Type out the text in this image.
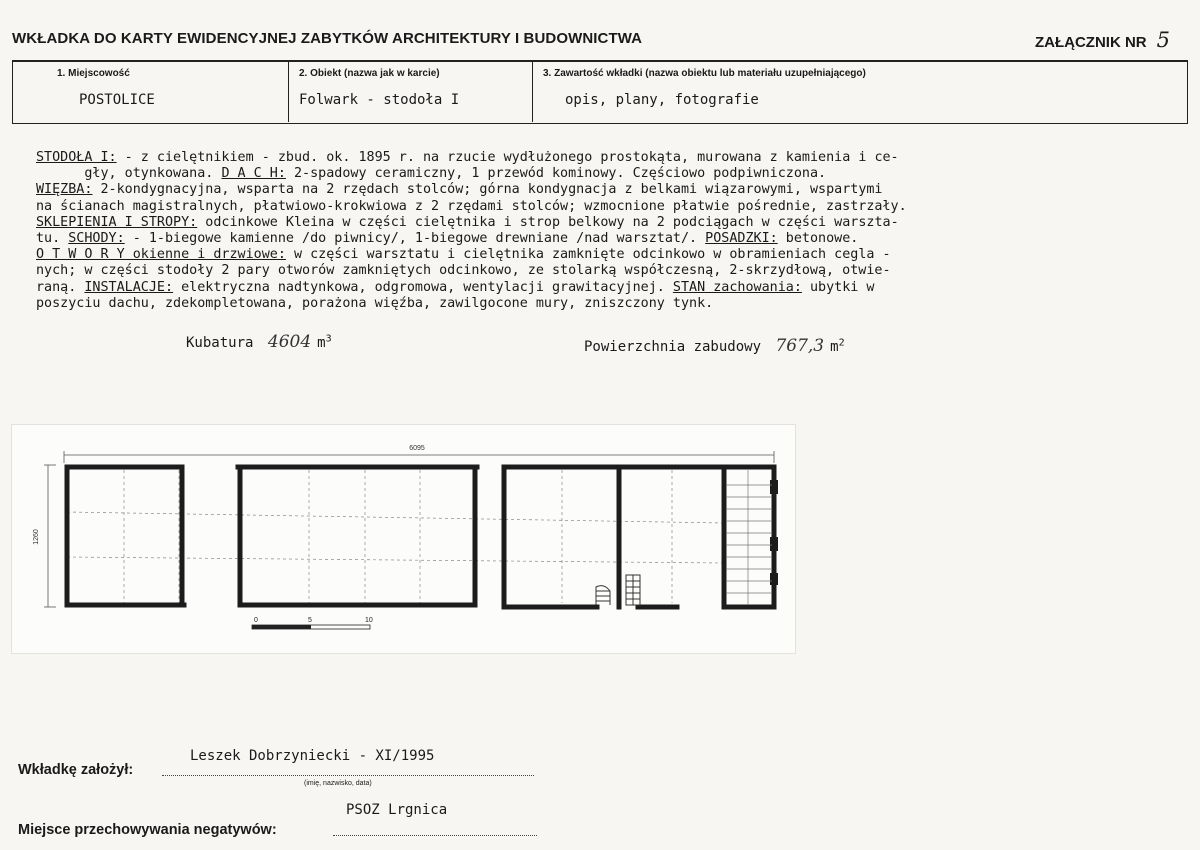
WKŁADKA DO KARTY EWIDENCYJNEJ ZABYTKÓW ARCHITEKTURY I BUDOWNICTWA	ZAŁĄCZNIK NR 5
1. Miejscowość
POSTOLICE
2. Obiekt (nazwa jak w karcie)
Folwark - stodoła I
3. Zawartość wkładki (nazwa obiektu lub materiału uzupełniającego)
opis, plany, fotografie
STODOŁA I: - z cielętnikiem - zbud. ok. 1895 r. na rzucie wydłużonego prostokąta, murowana z kamienia i ce-
gły, otynkowana. D A C H: 2-spadowy ceramiczny, 1 przewód kominowy. Częściowo podpiwniczona.
WIĘZBA: 2-kondygnacyjna, wsparta na 2 rzędach stolców; górna kondygnacja z belkami wiązarowymi, wspartymi
na ścianach magistralnych, płatwiowo-krokwiowa z 2 rzędami stolców; wzmocnione płatwie pośrednie, zastrzały.
SKLEPIENIA I STROPY: odcinkowe Kleina w części cielętnika i strop belkowy na 2 podciągach w części warszta-
tu. SCHODY: - 1-biegowe kamienne /do piwnicy/, 1-biegowe drewniane /nad warsztat/. POSADZKI: betonowe.
O T W O R Y okienne i drzwiowe: w części warsztatu i cielętnika zamknięte odcinkowo w obramieniach cegla -
nych; w części stodoły 2 pary otworów zamkniętych odcinkowo, ze stolarką współczesną, 2-skrzydłową, otwie-
raną. INSTALACJE: elektryczna nadtynkowa, odgromowa, wentylacji grawitacyjnej. STAN zachowania: ubytki w
poszyciu dachu, zdekompletowana, porażona więźba, zawilgocone mury, zniszczony tynk.
Kubatura 4604 $m^3$
Powierzchnia zabudowy 767,3 $m^2$
6095
1260
0	5	10
Leszek Dobrzyniecki - XI/1995
Wkładkę założył:
(imię, nazwisko, data)
PSOZ Lrgnica
Miejsce przechowywania negatywów:
